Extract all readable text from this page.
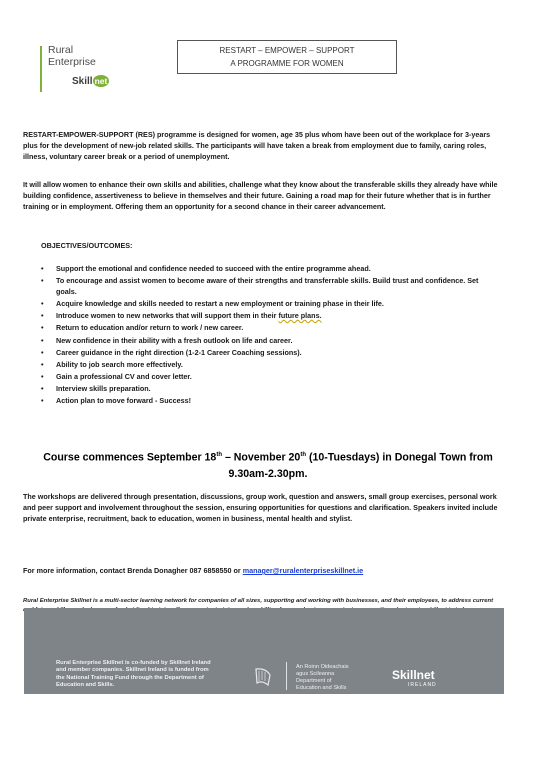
Rural
Enterprise
Skill net
RESTART – EMPOWER – SUPPORT
A PROGRAMME FOR WOMEN
RESTART-EMPOWER-SUPPORT (RES) programme is designed for women, age 35 plus whom have been out of the workplace for 3-years plus for the development of new-job related skills. The participants will have taken a break from employment due to family, caring roles, illness, voluntary career break or a period of unemployment.
It will allow women to enhance their own skills and abilities, challenge what they know about the transferable skills they already have while building confidence, assertiveness to believe in themselves and their future. Gaining a road map for their future whether that is in further training or in employment. Offering them an opportunity for a second chance in their career advancement.
OBJECTIVES/OUTCOMES:
• Support the emotional and confidence needed to succeed with the entire programme ahead.
• To encourage and assist women to become aware of their strengths and transferrable skills. Build trust and confidence. Set goals.
• Acquire knowledge and skills needed to restart a new employment or training phase in their life.
• Introduce women to new networks that will support them in their future plans.
• Return to education and/or return to work / new career.
• New confidence in their ability with a fresh outlook on life and career.
• Career guidance in the right direction (1-2-1 Career Coaching sessions).
• Ability to job search more effectively.
• Gain a professional CV and cover letter.
• Interview skills preparation.
• Action plan to move forward - Success!
Course commences September 18th – November 20th (10-Tuesdays) in Donegal Town from
9.30am-2.30pm.
The workshops are delivered through presentation, discussions, group work, question and answers, small group exercises, personal work and peer support and involvement throughout the session, ensuring opportunities for questions and clarification. Speakers invited include private enterprise, recruitment, back to education, women in business, mental health and stylist.
For more information, contact Brenda Donagher 087 6858550 or manager@ruralenterpriseskillnet.ie
Rural Enterprise Skillnet is a multi-sector learning network for companies of all sizes, supporting and working with businesses, and their employees, to address current
Rural Enterprise Skillnet is co-funded by Skillnet Ireland and member companies. Skillnet Ireland is funded from the National Training Fund through the Department of Education and Skills.
An Roinn Oideachais
agus Scileanna
Department of
Education and Skills
Skillnet
IRELAND
